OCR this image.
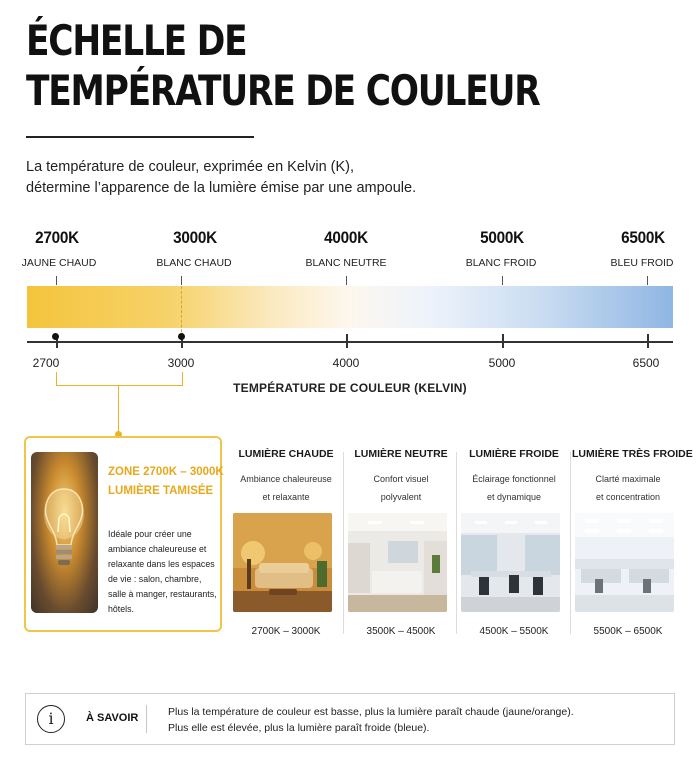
ÉCHELLE DE
TEMPÉRATURE DE COULEUR

La température de couleur, exprimée en Kelvin (K),

détermine l’apparence de la lumière émise par une ampoule.

2700K	3000K	4000K	5000K	6500K
JAUNE CHAUD	BLANC CHAUD	BLANC NEUTRE	BLANC FROID	BLEU FROID
2700	3000	4000	5000	6500
TEMPÉRATURE DE COULEUR (KELVIN)
ZONE 2700K – 3000K
LUMIÈRE TAMISÉE
Idéale pour créer une ambiance chaleureuse et relaxante dans les espaces de vie : salon, chambre, salle à manger, restaurants, hôtels.
LUMIÈRE CHAUDE
Ambiance chaleureuse
et relaxante
2700K – 3000K
LUMIÈRE NEUTRE
Confort visuel
polyvalent
3500K – 4500K
LUMIÈRE FROIDE
Éclairage fonctionnel
et dynamique
4500K – 5500K
LUMIÈRE TRÈS FROIDE
Clarté maximale
et concentration
5500K – 6500K
i	À SAVOIR	Plus la température de couleur est basse, plus la lumière paraît chaude (jaune/orange).

Plus elle est élevée, plus la lumière paraît froide (bleue).
